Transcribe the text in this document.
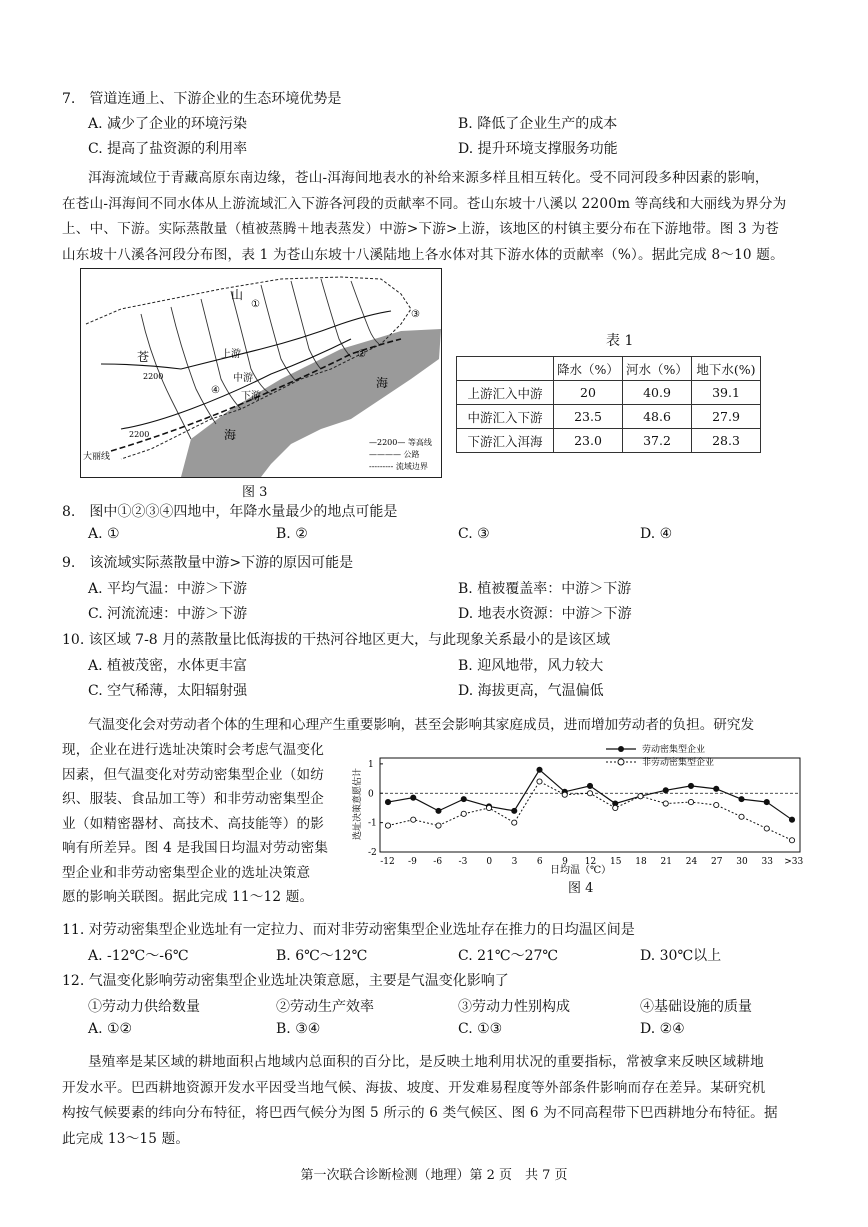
7.　管道连通上、下游企业的生态环境优势是
A. 减少了企业的环境污染	B. 降低了企业生产的成本
C. 提高了盐资源的利用率	D. 提升环境支撑服务功能

洱海流域位于青藏高原东南边缘，苍山-洱海间地表水的补给来源多样且相互转化。受不同河段多种因素的影响，

在苍山-洱海间不同水体从上游流域汇入下游各河段的贡献率不同。苍山东坡十八溪以 2200m 等高线和大丽线为界分为

上、中、下游。实际蒸散量（植被蒸腾＋地表蒸发）中游>下游>上游，该地区的村镇主要分布在下游地带。图 3 为苍

山东坡十八溪各河段分布图，表 1 为苍山东坡十八溪陆地上各水体对其下游水体的贡献率（%）。据此完成 8～10 题。

山
苍
海
海
上游
中游
下游
2200
2200
大丽线
①
②
③
④
—2200— 等高线
———— 公路
--------- 流域边界
图 3
表 1
	降水（%）	河水（%）	地下水(%)
上游汇入中游	20	40.9	39.1
中游汇入下游	23.5	48.6	27.9
下游汇入洱海	23.0	37.2	28.3
8.　图中①②③④四地中，年降水量最少的地点可能是
A. ①	B. ②	C. ③	D. ④
9.　该流域实际蒸散量中游>下游的原因可能是
A. 平均气温：中游＞下游	B. 植被覆盖率：中游＞下游
C. 河流流速：中游＞下游	D. 地表水资源：中游＞下游
10. 该区域 7-8 月的蒸散量比低海拔的干热河谷地区更大，与此现象关系最小的是该区域
A. 植被茂密，水体更丰富	B. 迎风地带，风力较大
C. 空气稀薄，太阳辐射强	D. 海拔更高，气温偏低
气温变化会对劳动者个体的生理和心理产生重要影响，甚至会影响其家庭成员，进而增加劳动者的负担。研究发

现，企业在进行选址决策时会考虑气温变化

因素，但气温变化对劳动密集型企业（如纺

织、服装、食品加工等）和非劳动密集型企

业（如精密器材、高技术、高技能等）的影

响有所差异。图 4 是我国日均温对劳动密集

型企业和非劳动密集型企业的选址决策意

愿的影响关联图。据此完成 11～12 题。

1
0
-1
-2
-12 -9 -6 -3 0 3 6 9 12 15 18 21 24 27 30 33 >33
劳动密集型企业
非劳动密集型企业
选址决策意愿估计
日均温（℃）
图 4
11. 对劳动密集型企业选址有一定拉力、而对非劳动密集型企业选址存在推力的日均温区间是
A. -12℃～-6℃	B. 6℃～12℃	C. 21℃～27℃	D. 30℃以上
12. 气温变化影响劳动密集型企业选址决策意愿，主要是气温变化影响了
①劳动力供给数量	②劳动生产效率	③劳动力性别构成	④基础设施的质量
A. ①②	B. ③④	C. ①③	D. ②④

垦殖率是某区域的耕地面积占地域内总面积的百分比，是反映土地利用状况的重要指标，常被拿来反映区域耕地

开发水平。巴西耕地资源开发水平因受当地气候、海拔、坡度、开发难易程度等外部条件影响而存在差异。某研究机

构按气候要素的纬向分布特征，将巴西气候分为图 5 所示的 6 类气候区、图 6 为不同高程带下巴西耕地分布特征。据

此完成 13～15 题。

第一次联合诊断检测（地理）第 2 页　共 7 页
